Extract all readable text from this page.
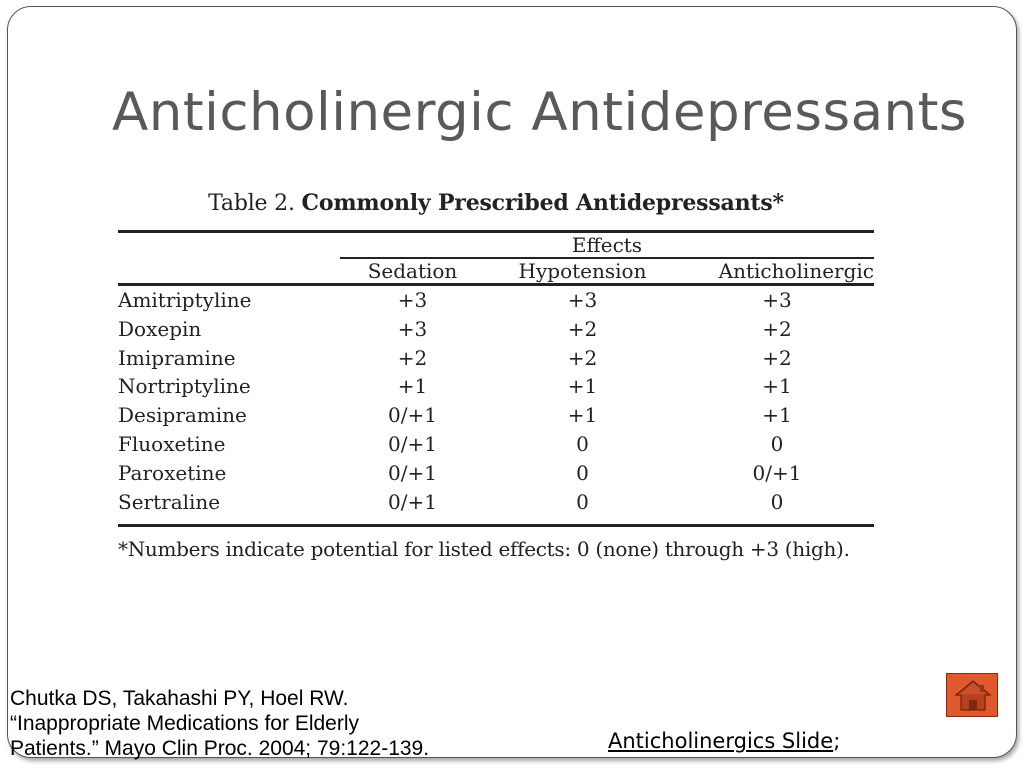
Anticholinergic Antidepressants
Table 2. Commonly Prescribed Antidepressants*
	Effects		
	Sedation	Hypotension	Anticholinergic

Amitriptyline	+3	+3	+3
Doxepin	+3	+2	+2
Imipramine	+2	+2	+2
Nortriptyline	+1	+1	+1
Desipramine	0/+1	+1	+1
Fluoxetine	0/+1	0	0
Paroxetine	0/+1	0	0/+1
Sertraline	0/+1	0	0
*Numbers indicate potential for listed effects: 0 (none) through +3 (high).
Chutka DS, Takahashi PY, Hoel RW.
“Inappropriate Medications for Elderly
Patients.” Mayo Clin Proc. 2004; 79:122-139.	Anticholinergics Slide;
